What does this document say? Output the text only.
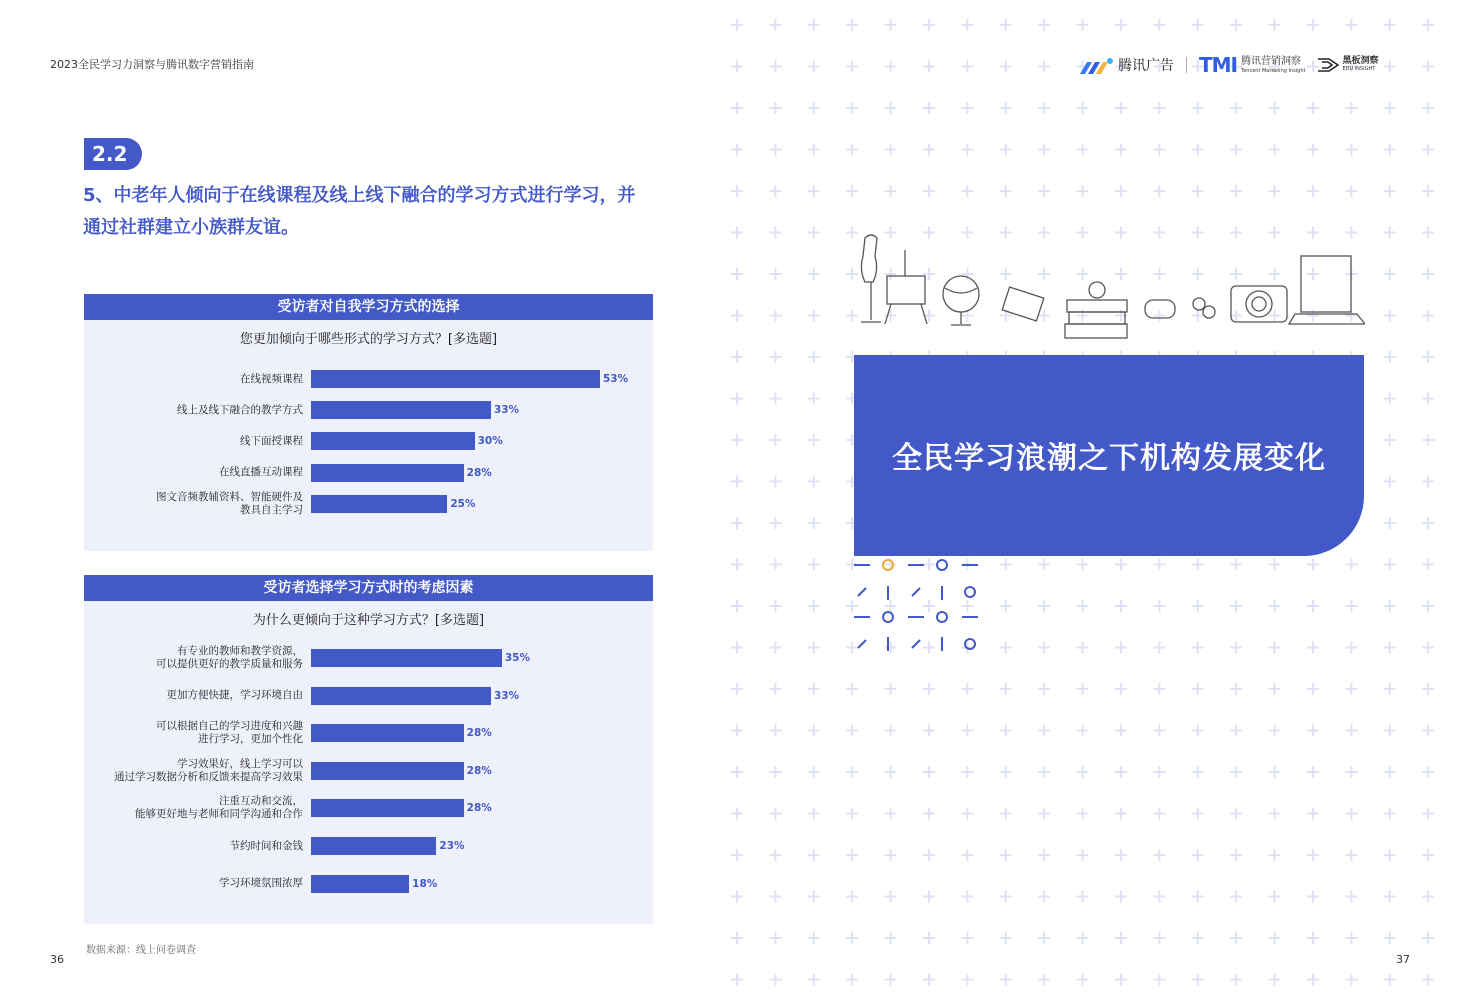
2023全民学习力洞察与腾讯数字营销指南
2.2
5、中老年人倾向于在线课程及线上线下融合的学习方式进行学习，并
通过社群建立小族群友谊。
受访者对自我学习方式的选择
您更加倾向于哪些形式的学习方式？[多选题]
在线视频课程	53%
线上及线下融合的教学方式	33%
线下面授课程	30%
在线直播互动课程	28%
图文音频教辅资料、智能硬件及
教具自主学习	25%
受访者选择学习方式时的考虑因素
为什么更倾向于这种学习方式？[多选题]
有专业的教师和教学资源，
可以提供更好的教学质量和服务	35%
更加方便快捷，学习环境自由	33%
可以根据自己的学习进度和兴趣
进行学习，更加个性化	28%
学习效果好，线上学习可以
通过学习数据分析和反馈来提高学习效果	28%
注重互动和交流，
能够更好地与老师和同学沟通和合作	28%
节约时间和金钱	23%
学习环境氛围浓厚	18%
数据来源：线上问卷调查
36
腾讯广告 TMI 腾讯营销洞察
Tencent Marketing Insight
黑板洞察
EDU INSIGHT
全民学习浪潮之下机构发展变化
37
